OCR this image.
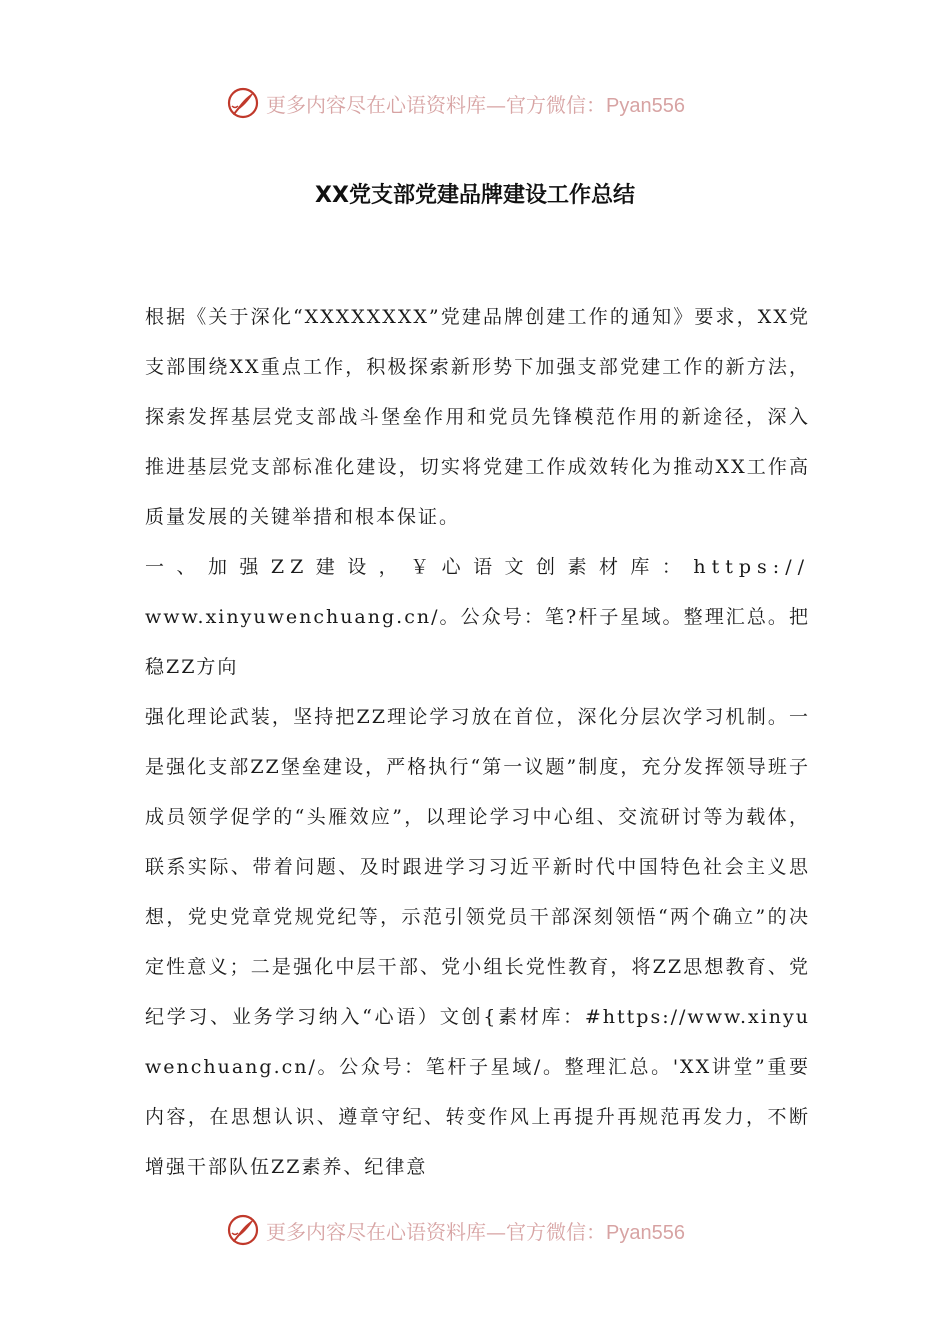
更多内容尽在心语资料库—官方微信：Pyan556
XX党支部党建品牌建设工作总结

根据《关于深化“XXXXXXXX”党建品牌创建工作的通知》要求，XX党支部围绕XX重点工作，积极探索新形势下加强支部党建工作的新方法，探索发挥基层党支部战斗堡垒作用和党员先锋模范作用的新途径，深入推进基层党支部标准化建设，切实将党建工作成效转化为推动XX工作高质量发展的关键举措和根本保证。

一、加强ZZ建设，￥心语文创素材库：https://

www.xinyuwenchuang.cn/。公众号：笔?杆子星域。整理汇总。把稳ZZ方向

强化理论武装，坚持把ZZ理论学习放在首位，深化分层次学习机制。一是强化支部ZZ堡垒建设，严格执行“第一议题”制度，充分发挥领导班子成员领学促学的“头雁效应”，以理论学习中心组、交流研讨等为载体，联系实际、带着问题、及时跟进学习习近平新时代中国特色社会主义思想，党史党章党规党纪等，示范引领党员干部深刻领悟“两个确立”的决定性意义；二是强化中层干部、党小组长党性教育，将ZZ思想教育、党纪学习、业务学习纳入“心语）文创{素材库：#https://www.xinyuwenchuang.cn/。公众号：笔杆子星域/。整理汇总。'XX讲堂”重要内容，在思想认识、遵章守纪、转变作风上再提升再规范再发力，不断增强干部队伍ZZ素养、纪律意

更多内容尽在心语资料库—官方微信：Pyan556
